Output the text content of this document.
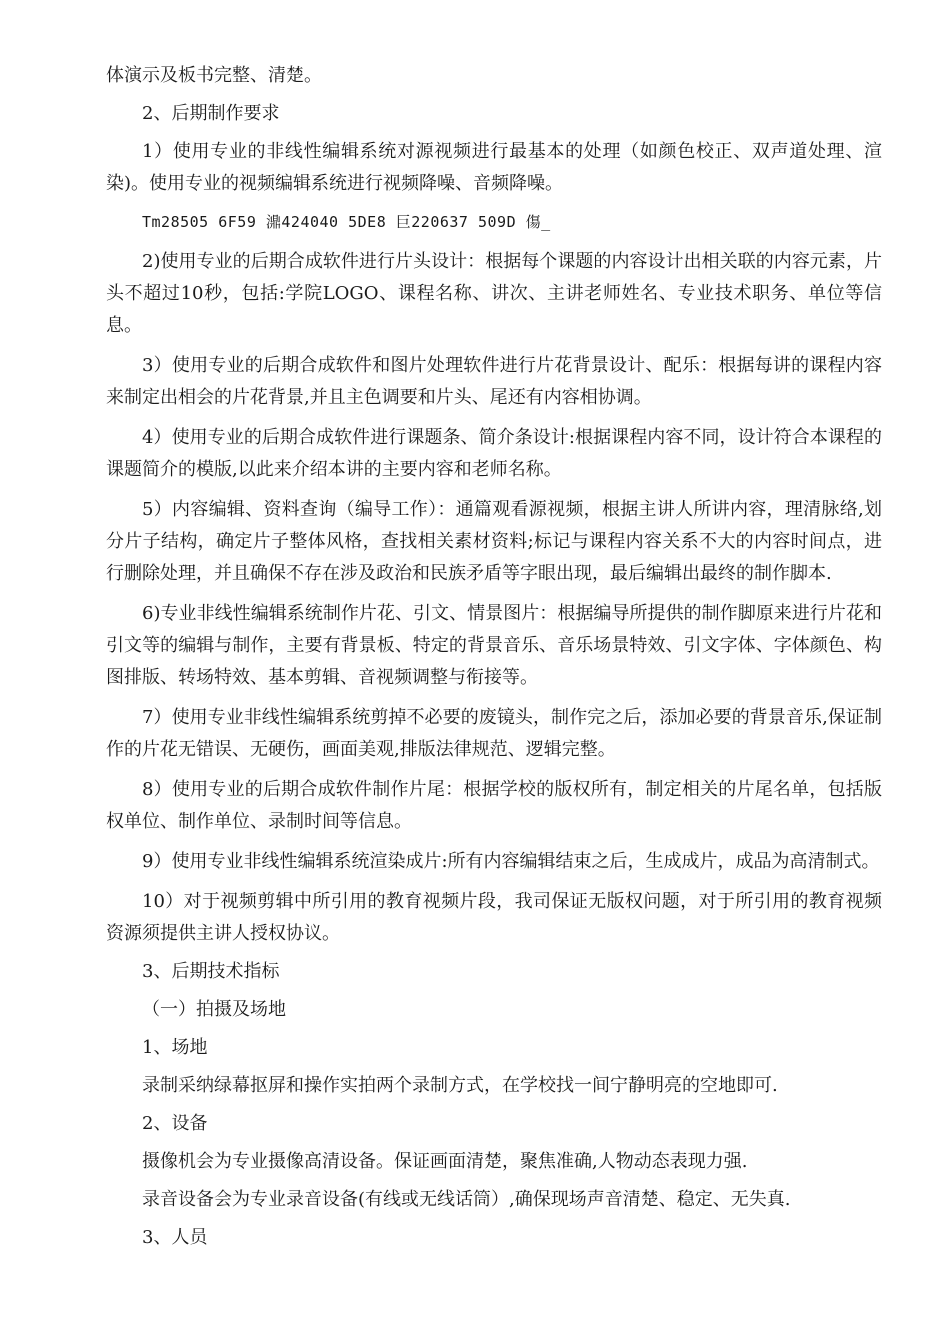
体演示及板书完整、清楚。

2、后期制作要求

1）使用专业的非线性编辑系统对源视频进行最基本的处理（如颜色校正、双声道处理、渲染)。使用专业的视频编辑系统进行视频降噪、音频降噪。

Tm28505 6F59 濎424040 5DE8 巨220637 509D 傷_

2)使用专业的后期合成软件进行片头设计：根据每个课题的内容设计出相关联的内容元素，片头不超过10秒，包括:学院LOGO、课程名称、讲次、主讲老师姓名、专业技术职务、单位等信息。

3）使用专业的后期合成软件和图片处理软件进行片花背景设计、配乐：根据每讲的课程内容来制定出相会的片花背景,并且主色调要和片头、尾还有内容相协调。

4）使用专业的后期合成软件进行课题条、简介条设计:根据课程内容不同，设计符合本课程的课题简介的模版,以此来介绍本讲的主要内容和老师名称。

5）内容编辑、资料查询（编导工作）：通篇观看源视频，根据主讲人所讲内容，理清脉络,划分片子结构，确定片子整体风格，查找相关素材资料;标记与课程内容关系不大的内容时间点，进行删除处理，并且确保不存在涉及政治和民族矛盾等字眼出现，最后编辑出最终的制作脚本.

6)专业非线性编辑系统制作片花、引文、情景图片：根据编导所提供的制作脚原来进行片花和引文等的编辑与制作，主要有背景板、特定的背景音乐、音乐场景特效、引文字体、字体颜色、构图排版、转场特效、基本剪辑、音视频调整与衔接等。

7）使用专业非线性编辑系统剪掉不必要的废镜头，制作完之后，添加必要的背景音乐,保证制作的片花无错误、无硬伤，画面美观,排版法律规范、逻辑完整。

8）使用专业的后期合成软件制作片尾：根据学校的版权所有，制定相关的片尾名单，包括版权单位、制作单位、录制时间等信息。

9）使用专业非线性编辑系统渲染成片:所有内容编辑结束之后，生成成片，成品为高清制式。

10）对于视频剪辑中所引用的教育视频片段，我司保证无版权问题，对于所引用的教育视频资源须提供主讲人授权协议。

3、后期技术指标

（一）拍摄及场地

1、场地

录制采纳绿幕抠屏和操作实拍两个录制方式，在学校找一间宁静明亮的空地即可.

2、设备

摄像机会为专业摄像高清设备。保证画面清楚，聚焦准确,人物动态表现力强.

录音设备会为专业录音设备(有线或无线话筒）,确保现场声音清楚、稳定、无失真.

3、人员
